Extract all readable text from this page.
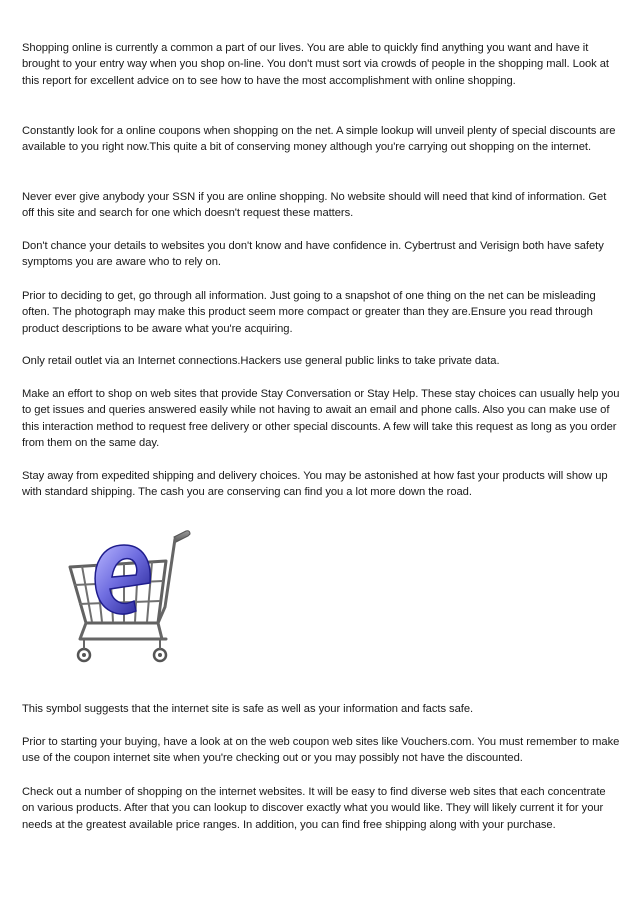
Shopping online is currently a common a part of our lives. You are able to quickly find anything you want and have it brought to your entry way when you shop on-line. You don't must sort via crowds of people in the shopping mall. Look at this report for excellent advice on to see how to have the most accomplishment with online shopping.

Constantly look for a online coupons when shopping on the net. A simple lookup will unveil plenty of special discounts are available to you right now.This quite a bit of conserving money although you're carrying out shopping on the internet.

Never ever give anybody your SSN if you are online shopping. No website should will need that kind of information. Get off this site and search for one which doesn't request these matters.

Don't chance your details to websites you don't know and have confidence in. Cybertrust and Verisign both have safety symptoms you are aware who to rely on.

Prior to deciding to get, go through all information. Just going to a snapshot of one thing on the net can be misleading often. The photograph may make this product seem more compact or greater than they are.Ensure you read through product descriptions to be aware what you're acquiring.

Only retail outlet via an Internet connections.Hackers use general public links to take private data.

Make an effort to shop on web sites that provide Stay Conversation or Stay Help. These stay choices can usually help you to get issues and queries answered easily while not having to await an email and phone calls. Also you can make use of this interaction method to request free delivery or other special discounts. A few will take this request as long as you order from them on the same day.

Stay away from expedited shipping and delivery choices. You may be astonished at how fast your products will show up with standard shipping. The cash you are conserving can find you a lot more down the road.

This symbol suggests that the internet site is safe as well as your information and facts safe.

Prior to starting your buying, have a look at on the web coupon web sites like Vouchers.com. You must remember to make use of the coupon internet site when you're checking out or you may possibly not have the discounted.

Check out a number of shopping on the internet websites. It will be easy to find diverse web sites that each concentrate on various products. After that you can lookup to discover exactly what you would like. They will likely current it for your needs at the greatest available price ranges. In addition, you can find free shipping along with your purchase.
